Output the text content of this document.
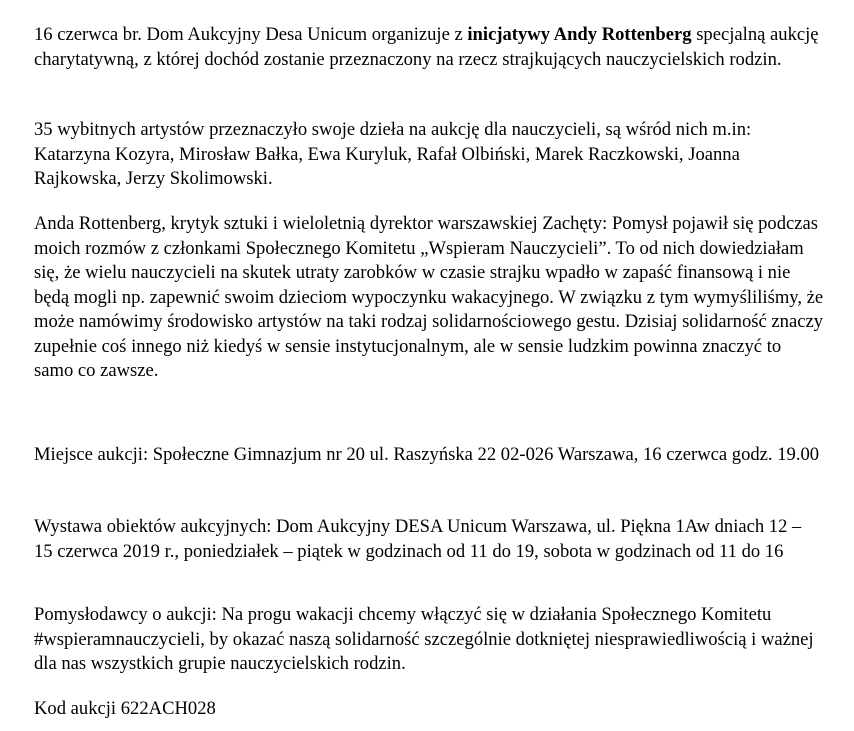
16 czerwca br. Dom Aukcyjny Desa Unicum organizuje z inicjatywy Andy Rottenberg specjalną aukcję charytatywną, z której dochód zostanie przeznaczony na rzecz strajkujących nauczycielskich rodzin.

35 wybitnych artystów przeznaczyło swoje dzieła na aukcję dla nauczycieli, są wśród nich m.in: Katarzyna Kozyra, Mirosław Bałka, Ewa Kuryluk, Rafał Olbiński, Marek Raczkowski, Joanna Rajkowska, Jerzy Skolimowski.

Anda Rottenberg, krytyk sztuki i wieloletnią dyrektor warszawskiej Zachęty: Pomysł pojawił się podczas moich rozmów z członkami Społecznego Komitetu „Wspieram Nauczycieli”. To od nich dowiedziałam się, że wielu nauczycieli na skutek utraty zarobków w czasie strajku wpadło w zapaść finansową i nie będą mogli np. zapewnić swoim dzieciom wypoczynku wakacyjnego. W związku z tym wymyśliliśmy, że może namówimy środowisko artystów na taki rodzaj solidarnościowego gestu. Dzisiaj solidarność znaczy zupełnie coś innego niż kiedyś w sensie instytucjonalnym, ale w sensie ludzkim powinna znaczyć to samo co zawsze.

Miejsce aukcji: Społeczne Gimnazjum nr 20 ul. Raszyńska 22 02-026 Warszawa, 16 czerwca godz. 19.00

Wystawa obiektów aukcyjnych: Dom Aukcyjny DESA Unicum Warszawa, ul. Piękna 1Aw dniach 12 – 15 czerwca 2019 r., poniedziałek – piątek w godzinach od 11 do 19, sobota w godzinach od 11 do 16

Pomysłodawcy o aukcji: Na progu wakacji chcemy włączyć się w działania Społecznego Komitetu #wspieramnauczycieli, by okazać naszą solidarność szczególnie dotkniętej niesprawiedliwością i ważnej dla nas wszystkich grupie nauczycielskich rodzin.

Kod aukcji 622ACH028
